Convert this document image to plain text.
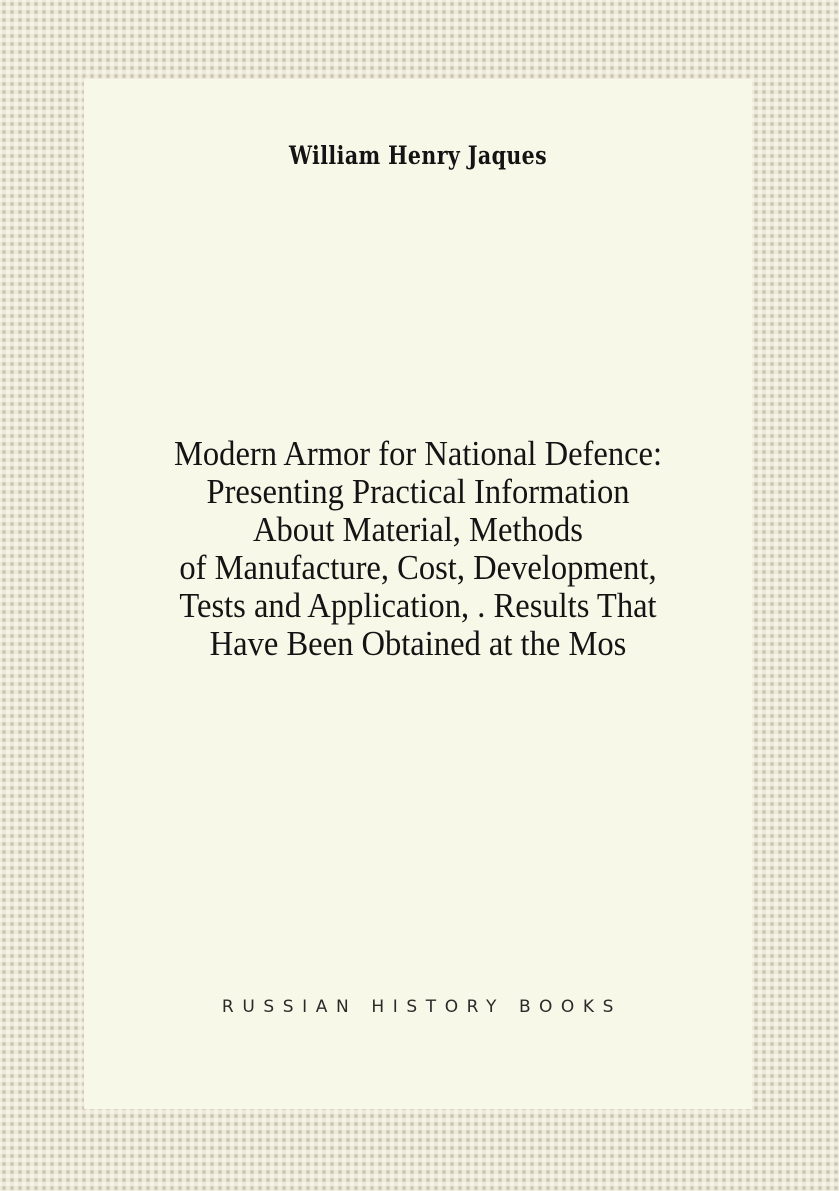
William Henry Jaques
Modern Armor for National Defence:
Presenting Practical Information
About Material, Methods
of Manufacture, Cost, Development,
Tests and Application, . Results That
Have Been Obtained at the Mos
RUSSIAN HISTORY BOOKS
